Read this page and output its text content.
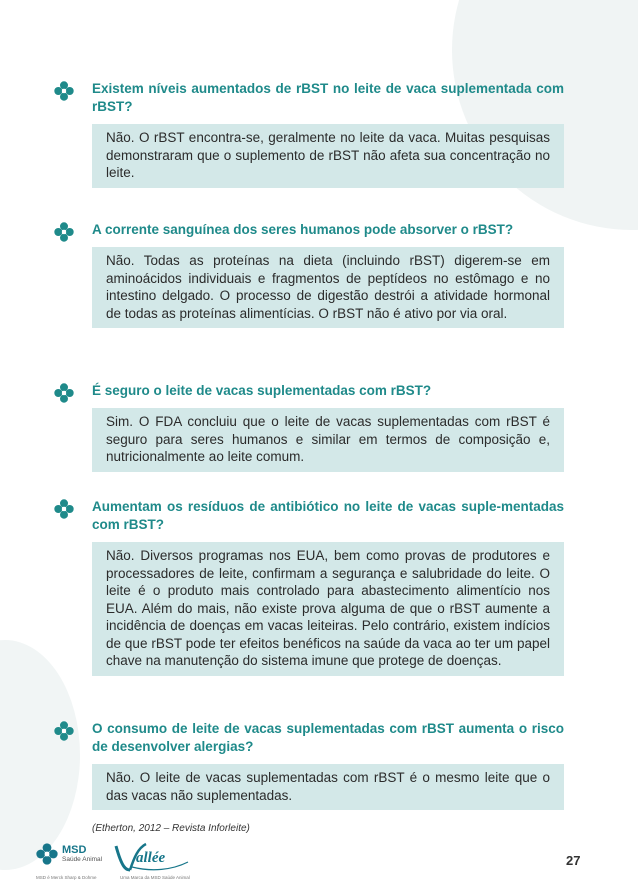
Existem níveis aumentados de rBST no leite de vaca suplementada com rBST?
Não. O rBST encontra-se, geralmente no leite da vaca. Muitas pesquisas demonstraram que o suplemento de rBST não afeta sua concentração no leite.
A corrente sanguínea dos seres humanos pode absorver o rBST?
Não. Todas as proteínas na dieta (incluindo rBST) digerem-se em aminoácidos individuais e fragmentos de peptídeos no estômago e no intestino delgado. O processo de digestão destrói a atividade hormonal de todas as proteínas alimentícias. O rBST não é ativo por via oral.
É seguro o leite de vacas suplementadas com rBST?
Sim. O FDA concluiu que o leite de vacas suplementadas com rBST é seguro para seres humanos e similar em termos de composição e, nutricionalmente ao leite comum.
Aumentam os resíduos de antibiótico no leite de vacas suple-mentadas com rBST?
Não. Diversos programas nos EUA, bem como provas de produtores e processadores de leite, confirmam a segurança e salubridade do leite. O leite é o produto mais controlado para abastecimento alimentício nos EUA. Além do mais, não existe prova alguma de que o rBST aumente a incidência de doenças em vacas leiteiras. Pelo contrário, existem indícios de que rBST pode ter efeitos benéficos na saúde da vaca ao ter um papel chave na manutenção do sistema imune que protege de doenças.
O consumo de leite de vacas suplementadas com rBST aumenta o risco de desenvolver alergias?
Não. O leite de vacas suplementadas com rBST é o mesmo leite que o das vacas não suplementadas.
(Etherton, 2012 – Revista Inforleite)
MSD
Saúde Animal
MSD é Merck Sharp & Dohme
allée
Uma Marca da MSD Saúde Animal
27
